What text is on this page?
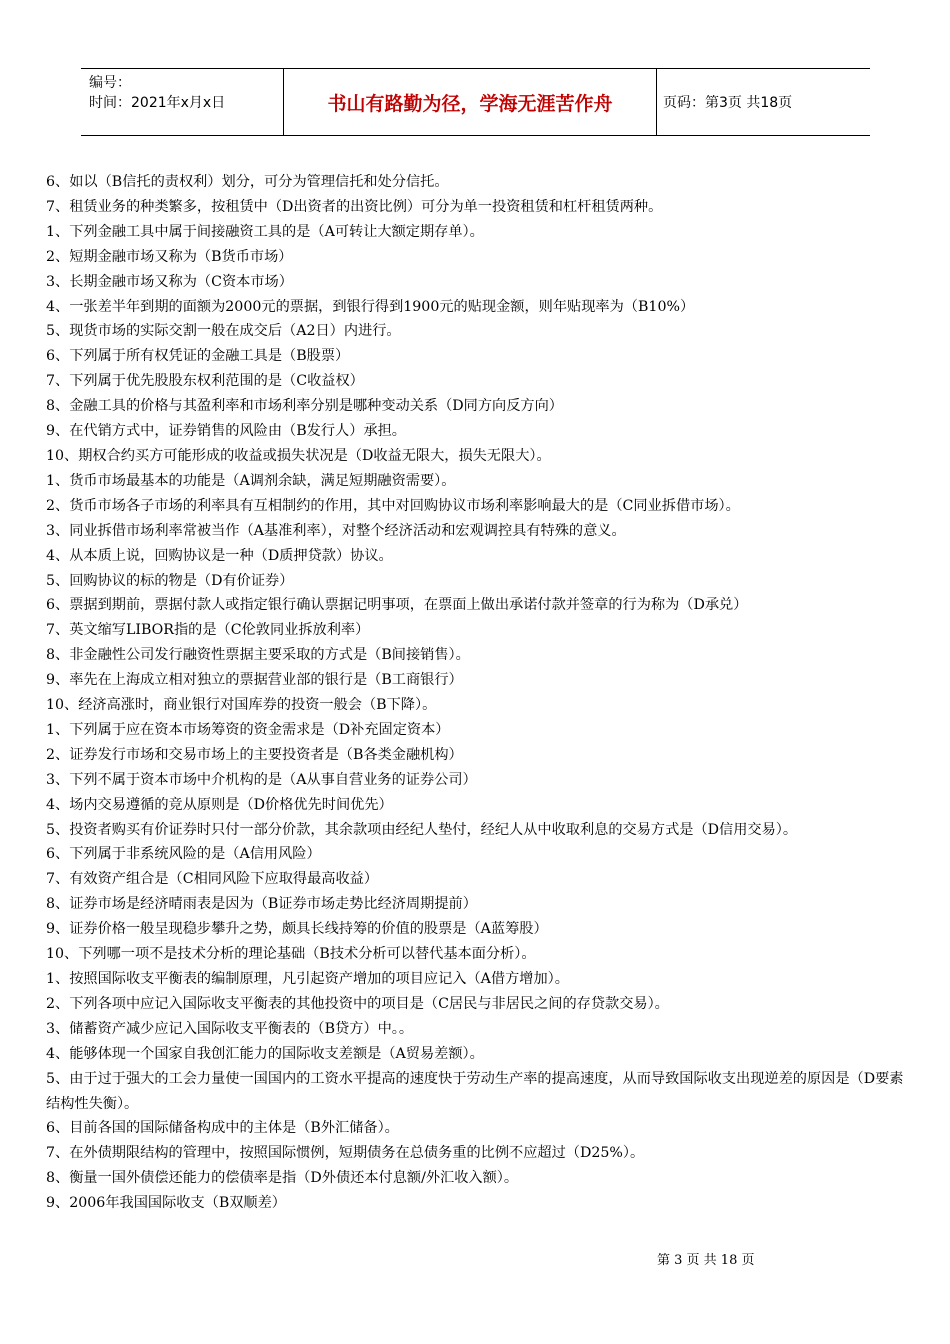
编号：
时间：2021年x月x日	书山有路勤为径，学海无涯苦作舟	页码：第3页 共18页
6、如以（B信托的责权利）划分，可分为管理信托和处分信托。
7、租赁业务的种类繁多，按租赁中（D出资者的出资比例）可分为单一投资租赁和杠杆租赁两种。
1、下列金融工具中属于间接融资工具的是（A可转让大额定期存单）。
2、短期金融市场又称为（B货币市场）
3、长期金融市场又称为（C资本市场）
4、一张差半年到期的面额为2000元的票据，到银行得到1900元的贴现金额，则年贴现率为（B10%）
5、现货市场的实际交割一般在成交后（A2日）内进行。
6、下列属于所有权凭证的金融工具是（B股票）
7、下列属于优先股股东权利范围的是（C收益权）
8、金融工具的价格与其盈利率和市场利率分别是哪种变动关系（D同方向反方向）
9、在代销方式中，证券销售的风险由（B发行人）承担。
10、期权合约买方可能形成的收益或损失状况是（D收益无限大，损失无限大）。
1、货币市场最基本的功能是（A调剂余缺，满足短期融资需要）。
2、货币市场各子市场的利率具有互相制约的作用，其中对回购协议市场利率影响最大的是（C同业拆借市场）。
3、同业拆借市场利率常被当作（A基准利率），对整个经济活动和宏观调控具有特殊的意义。
4、从本质上说，回购协议是一种（D质押贷款）协议。
5、回购协议的标的物是（D有价证券）
6、票据到期前，票据付款人或指定银行确认票据记明事项，在票面上做出承诺付款并签章的行为称为（D承兑）
7、英文缩写LIBOR指的是（C伦敦同业拆放利率）
8、非金融性公司发行融资性票据主要采取的方式是（B间接销售）。
9、率先在上海成立相对独立的票据营业部的银行是（B工商银行）
10、经济高涨时，商业银行对国库券的投资一般会（B下降）。
1、下列属于应在资本市场筹资的资金需求是（D补充固定资本）
2、证券发行市场和交易市场上的主要投资者是（B各类金融机构）
3、下列不属于资本市场中介机构的是（A从事自营业务的证券公司）
4、场内交易遵循的竞从原则是（D价格优先时间优先）
5、投资者购买有价证券时只付一部分价款，其余款项由经纪人垫付，经纪人从中收取利息的交易方式是（D信用交易）。
6、下列属于非系统风险的是（A信用风险）
7、有效资产组合是（C相同风险下应取得最高收益）
8、证券市场是经济晴雨表是因为（B证券市场走势比经济周期提前）
9、证券价格一般呈现稳步攀升之势，颇具长线持筹的价值的股票是（A蓝筹股）
10、下列哪一项不是技术分析的理论基础（B技术分析可以替代基本面分析）。
1、按照国际收支平衡表的编制原理，凡引起资产增加的项目应记入（A借方增加）。
2、下列各项中应记入国际收支平衡表的其他投资中的项目是（C居民与非居民之间的存贷款交易）。
3、储蓄资产减少应记入国际收支平衡表的（B贷方）中。。
4、能够体现一个国家自我创汇能力的国际收支差额是（A贸易差额）。
5、由于过于强大的工会力量使一国国内的工资水平提高的速度快于劳动生产率的提高速度，从而导致国际收支出现逆差的原因是（D要素结构性失衡）。
6、目前各国的国际储备构成中的主体是（B外汇储备）。
7、在外债期限结构的管理中，按照国际惯例，短期债务在总债务重的比例不应超过（D25%）。
8、衡量一国外债偿还能力的偿债率是指（D外债还本付息额/外汇收入额）。
9、2006年我国国际收支（B双顺差）
第 3 页 共 18 页
